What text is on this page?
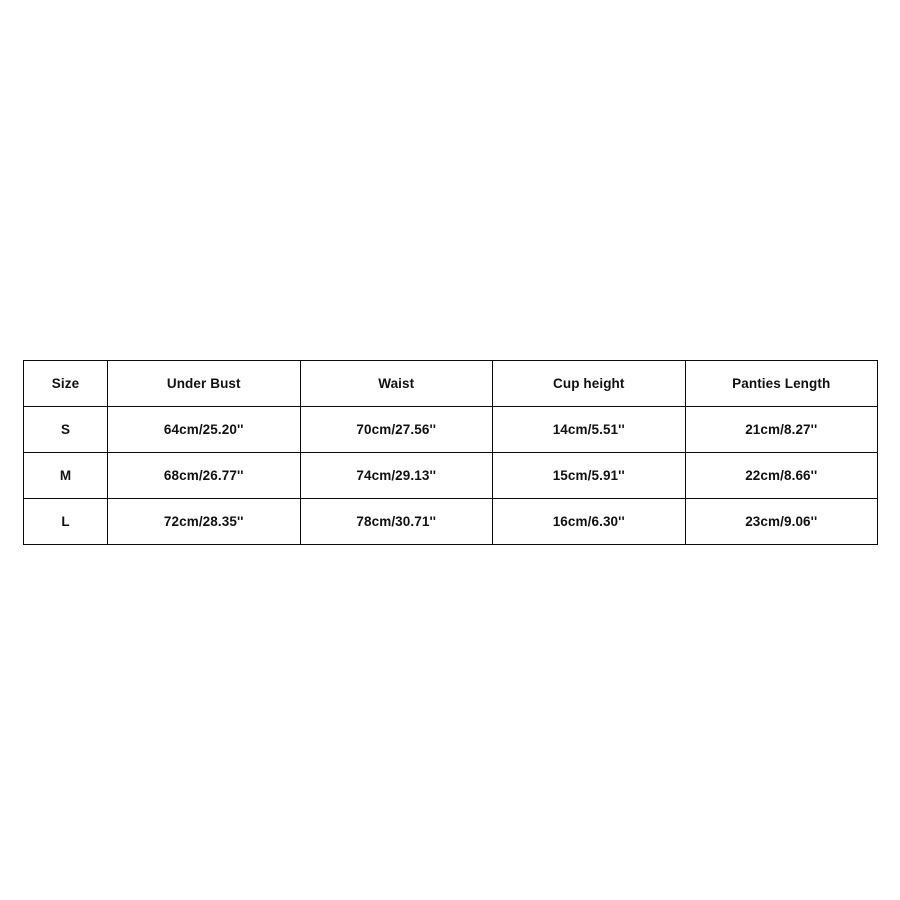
Size	Under Bust	Waist	Cup height	Panties Length
S	64cm/25.20''	70cm/27.56''	14cm/5.51''	21cm/8.27''
M	68cm/26.77''	74cm/29.13''	15cm/5.91''	22cm/8.66''
L	72cm/28.35''	78cm/30.71''	16cm/6.30''	23cm/9.06''
